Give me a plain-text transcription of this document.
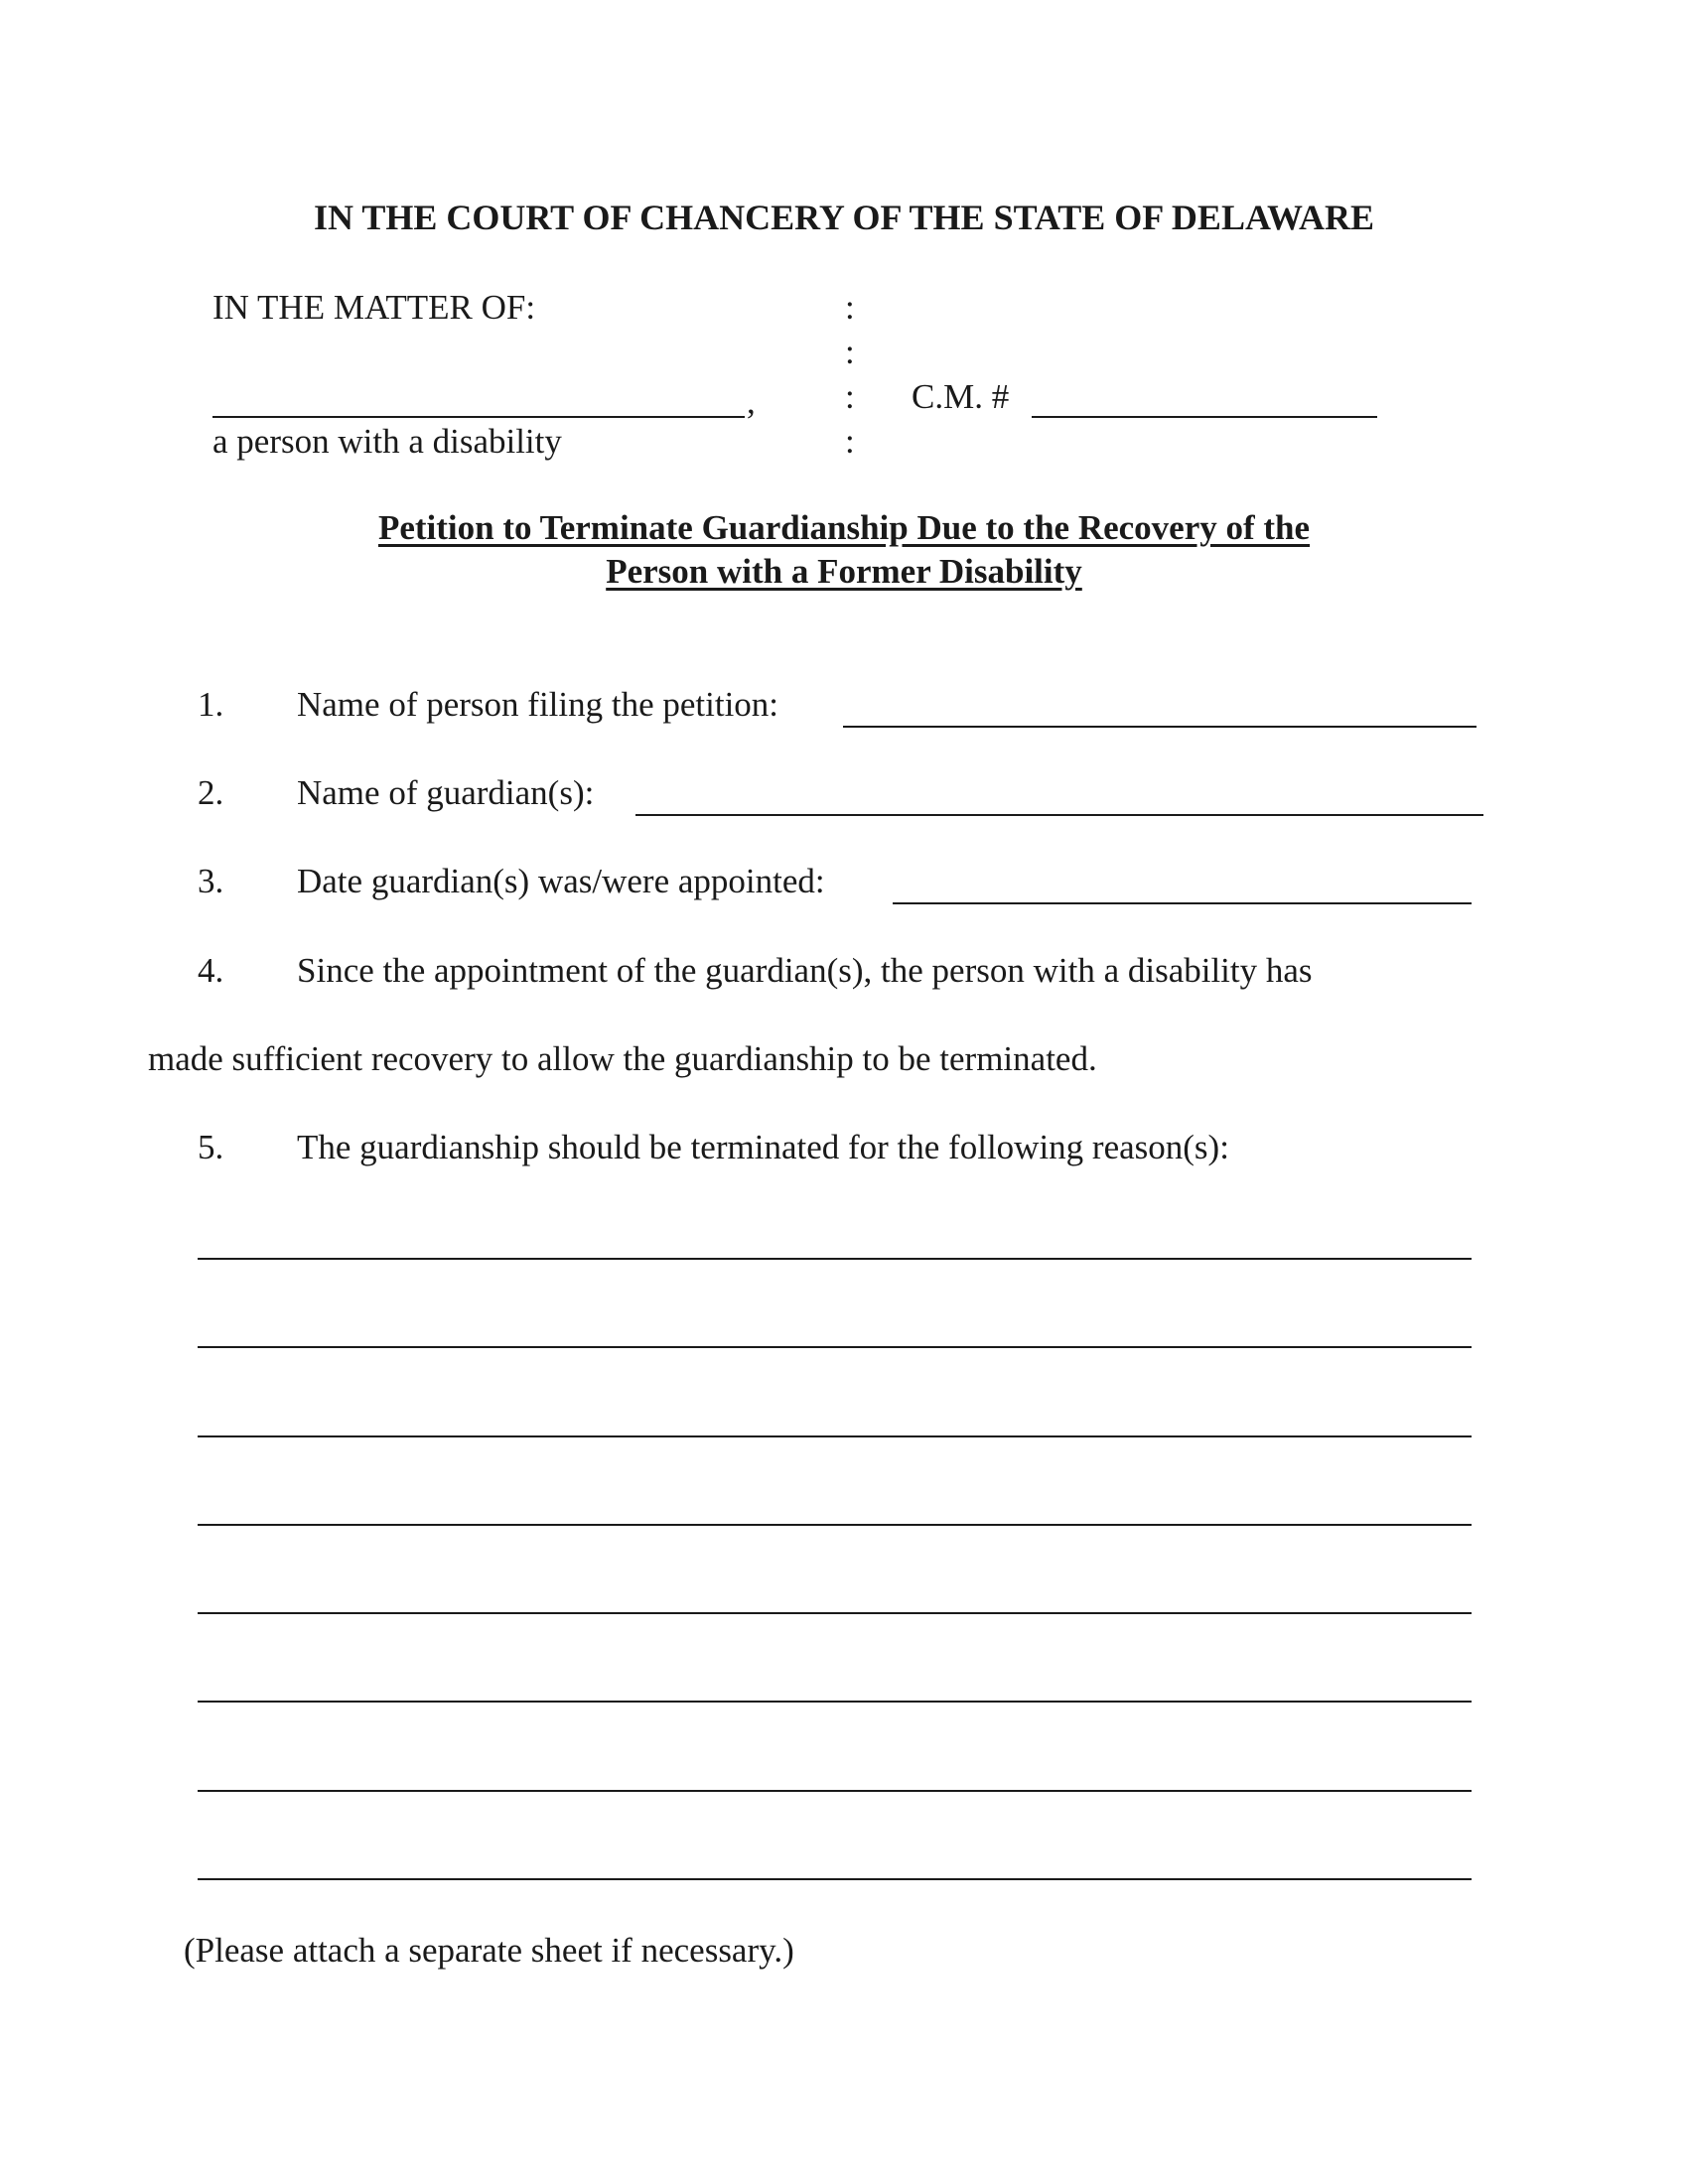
IN THE COURT OF CHANCERY OF THE STATE OF DELAWARE
IN THE MATTER OF:
,
a person with a disability
:
:
:
:
C.M. #
Petition to Terminate Guardianship Due to the Recovery of the
Person with a Former Disability
1. Name of person filing the petition:
2. Name of guardian(s):
3. Date guardian(s) was/were appointed:
4. Since the appointment of the guardian(s), the person with a disability has
made sufficient recovery to allow the guardianship to be terminated.
5. The guardianship should be terminated for the following reason(s):
(Please attach a separate sheet if necessary.)
